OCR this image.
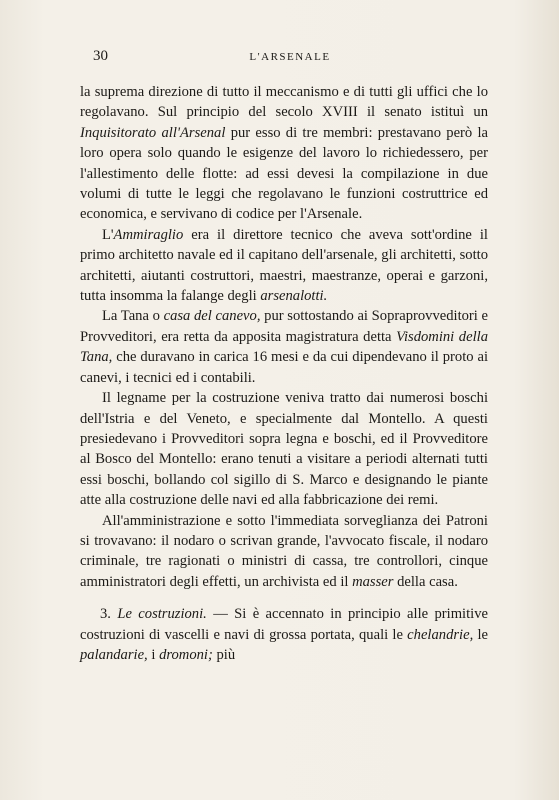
30	L'ARSENALE

la suprema direzione di tutto il meccanismo e di tutti gli uffici che lo regolavano. Sul principio del secolo XVIII il senato istituì un Inquisitorato all'Arsenal pur esso di tre membri: prestavano però la loro opera solo quando le esigenze del lavoro lo richiedessero, per l'allestimento delle flotte: ad essi devesi la compilazione in due volumi di tutte le leggi che regolavano le funzioni costruttrice ed economica, e servivano di codice per l'Arsenale.

L'Ammiraglio era il direttore tecnico che aveva sott'ordine il primo architetto navale ed il capitano dell'arsenale, gli architetti, sotto architetti, aiutanti costruttori, maestri, maestranze, operai e garzoni, tutta insomma la falange degli arsenalotti.

La Tana o casa del canevo, pur sottostando ai Sopraprovveditori e Provveditori, era retta da apposita magistratura detta Visdomini della Tana, che duravano in carica 16 mesi e da cui dipendevano il proto ai canevi, i tecnici ed i contabili.

Il legname per la costruzione veniva tratto dai numerosi boschi dell'Istria e del Veneto, e specialmente dal Montello. A questi presiedevano i Provveditori sopra legna e boschi, ed il Provveditore al Bosco del Montello: erano tenuti a visitare a periodi alternati tutti essi boschi, bollando col sigillo di S. Marco e designando le piante atte alla costruzione delle navi ed alla fabbricazione dei remi.

All'amministrazione e sotto l'immediata sorveglianza dei Patroni si trovavano: il nodaro o scrivan grande, l'avvocato fiscale, il nodaro criminale, tre ragionati o ministri di cassa, tre controllori, cinque amministratori degli effetti, un archivista ed il masser della casa.

3. Le costruzioni. — Si è accennato in principio alle primitive costruzioni di vascelli e navi di grossa portata, quali le chelandrie, le palandarie, i dromoni; più
